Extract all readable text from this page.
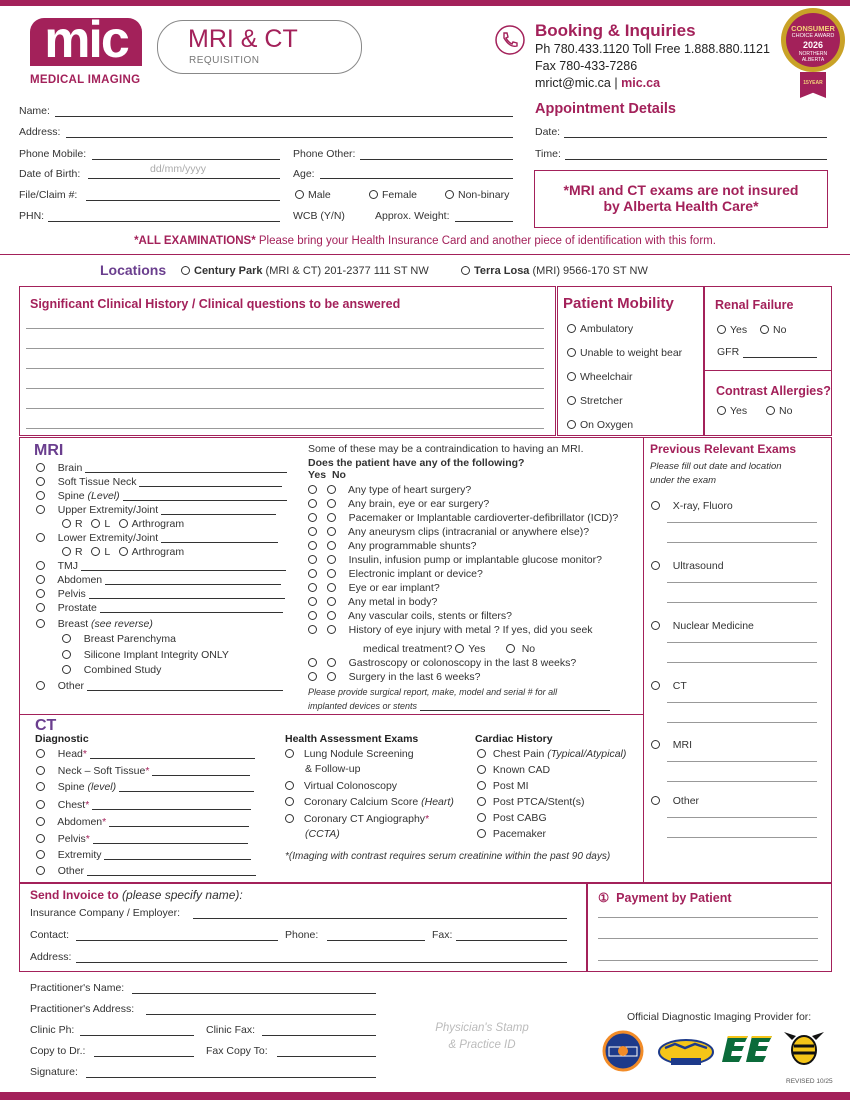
mic
MEDICAL IMAGING
MRI & CT
REQUISITION
Booking & Inquiries
Ph 780.433.1120 Toll Free 1.888.880.1121
Fax 780-433-7286
mrict@mic.ca | mic.ca
CONSUMER
CHOICE AWARD
2026
NORTHERN
ALBERTA
15YEAR
Name:
Address:
Phone Mobile:	Phone Other:
Date of Birth:	dd/mm/yyyy	Age:
File/Claim #:	Male	Female	Non-binary
PHN:	WCB (Y/N)	Approx. Weight:
Appointment Details
Date:
Time:
*MRI and CT exams are not insured
by Alberta Health Care*
*ALL EXAMINATIONS* Please bring your Health Insurance Card and another piece of identification with this form.
Locations	Century Park (MRI & CT) 201-2377 111 ST NW	Terra Losa (MRI) 9566-170 ST NW
Significant Clinical History / Clinical questions to be answered	Patient Mobility
Ambulatory
Unable to weight bear
Wheelchair
Stretcher
On Oxygen
Renal Failure
Yes	No
GFR
Contrast Allergies?
Yes	No
MRI
Brain
Soft Tissue Neck
Spine (Level)
Upper Extremity/Joint
R L Arthrogram
Lower Extremity/Joint
R L Arthrogram
TMJ
Abdomen
Pelvis
Prostate
Breast (see reverse)
Breast Parenchyma
Silicone Implant Integrity ONLY
Combined Study
Other
Some of these may be a contraindication to having an MRI.
Does the patient have any of the following?
Yes  No
Any type of heart surgery?
Any brain, eye or ear surgery?
Pacemaker or Implantable cardioverter-defibrillator (ICD)?
Any aneurysm clips (intracranial or anywhere else)?
Any programmable shunts?
Insulin, infusion pump or implantable glucose monitor?
Electronic implant or device?
Eye or ear implant?
Any metal in body?
Any vascular coils, stents or filters?
History of eye injury with metal ? If yes, did you seek
Gastroscopy or colonoscopy in the last 8 weeks?
Surgery in the last 6 weeks?
medical treatment? Yes	No
Please provide surgical report, make, model and serial # for all
implanted devices or stents
Previous Relevant Exams
Please fill out date and location
under the exam
X-ray, Fluoro
Ultrasound
Nuclear Medicine
CT
MRI
Other
CT
Diagnostic
Head*
Neck – Soft Tissue*
Spine (level)
Chest*
Abdomen*
Pelvis*
Extremity
Other
Health Assessment Exams
Lung Nodule Screening
& Follow-up
Virtual Colonoscopy
Coronary Calcium Score (Heart)
Coronary CT Angiography*
(CCTA)
Cardiac History
Chest Pain (Typical/Atypical)
Known CAD
Post MI
Post PTCA/Stent(s)
Post CABG
Pacemaker
*(Imaging with contrast requires serum creatinine within the past 90 days)
Send Invoice to (please specify name):
Insurance Company / Employer:
Contact:	Phone:	Fax:
Address:
① Payment by Patient
Practitioner's Name:
Practitioner's Address:
Clinic Ph:	Clinic Fax:
Copy to Dr.:	Fax Copy To:
Signature:
Physician's Stamp
& Practice ID
Official Diagnostic Imaging Provider for:
REVISED 10/25
